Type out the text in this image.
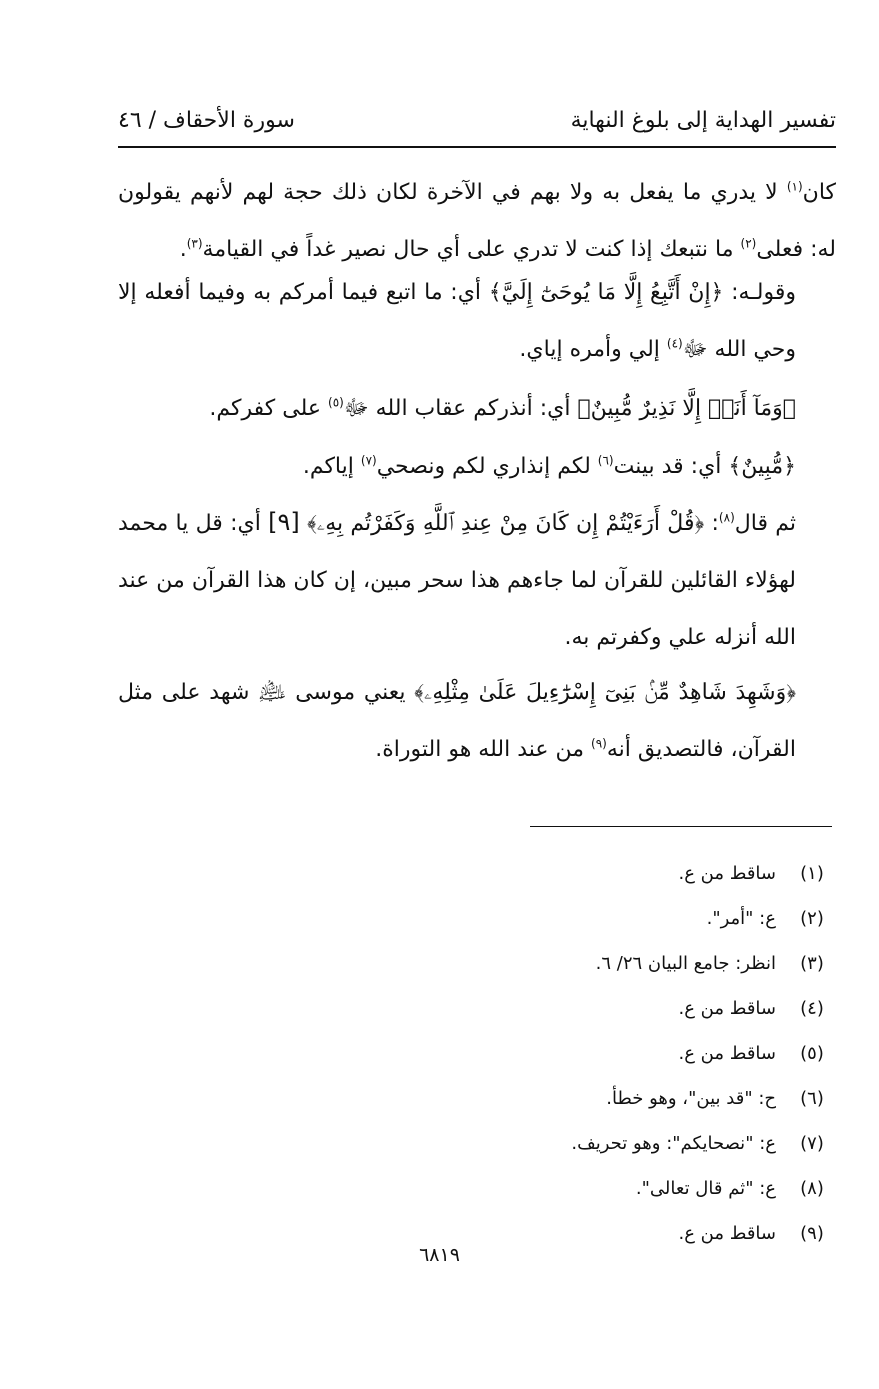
تفسير الهداية إلى بلوغ النهاية
سورة الأحقاف / ٤٦

كان$^{(١)}$ لا يدري ما يفعل به ولا بهم في الآخرة لكان ذلك حجة لهم لأنهم يقولون له: فعلى$^{(٢)}$ ما نتبعك إذا كنت لا تدري على أي حال نصير غداً في القيامة$^{(٣)}$.

وقولـه: ﴿إِنْ أَتَّبِعُ إِلَّا مَا يُوحَىٰٓ إِلَيَّ﴾ أي: ما اتبع فيما أمركم به وفيما أفعله إلا وحي الله ﷻ$^{(٤)}$ إلي وأمره إياي.

﴿وَمَآ أَنَا۠ إِلَّا نَذِيرٌ مُّبِينٌ﴾ أي: أنذركم عقاب الله ﷻ$^{(٥)}$ على كفركم.

﴿مُّبِينٌ﴾ أي: قد بينت$^{(٦)}$ لكم إنذاري لكم ونصحي$^{(٧)}$ إياكم.

ثم قال$^{(٨)}$: ﴿قُلْ أَرَءَيْتُمْ إِن كَانَ مِنْ عِندِ ٱللَّهِ وَكَفَرْتُم بِهِۦ﴾ [٩] أي: قل يا محمد لهؤلاء القائلين للقرآن لما جاءهم هذا سحر مبين، إن كان هذا القرآن من عند الله أنزله علي وكفرتم به.

﴿وَشَهِدَ شَاهِدٌ مِّنۢ بَنِىٓ إِسْرَٰٓءِيلَ عَلَىٰ مِثْلِهِۦ﴾ يعني موسى ﵇ شهد على مثل القرآن، فالتصديق أنه$^{(٩)}$ من عند الله هو التوراة.

(١)
ساقط من ع.
(٢)
ع: "أمر".
(٣)
انظر: جامع البيان ٢٦/ ٦.
(٤)
ساقط من ع.
(٥)
ساقط من ع.
(٦)
ح: "قد بين"، وهو خطأ.
(٧)
ع: "نصحايكم": وهو تحريف.
(٨)
ع: "ثم قال تعالى".
(٩)
ساقط من ع.
٦٨١٩
